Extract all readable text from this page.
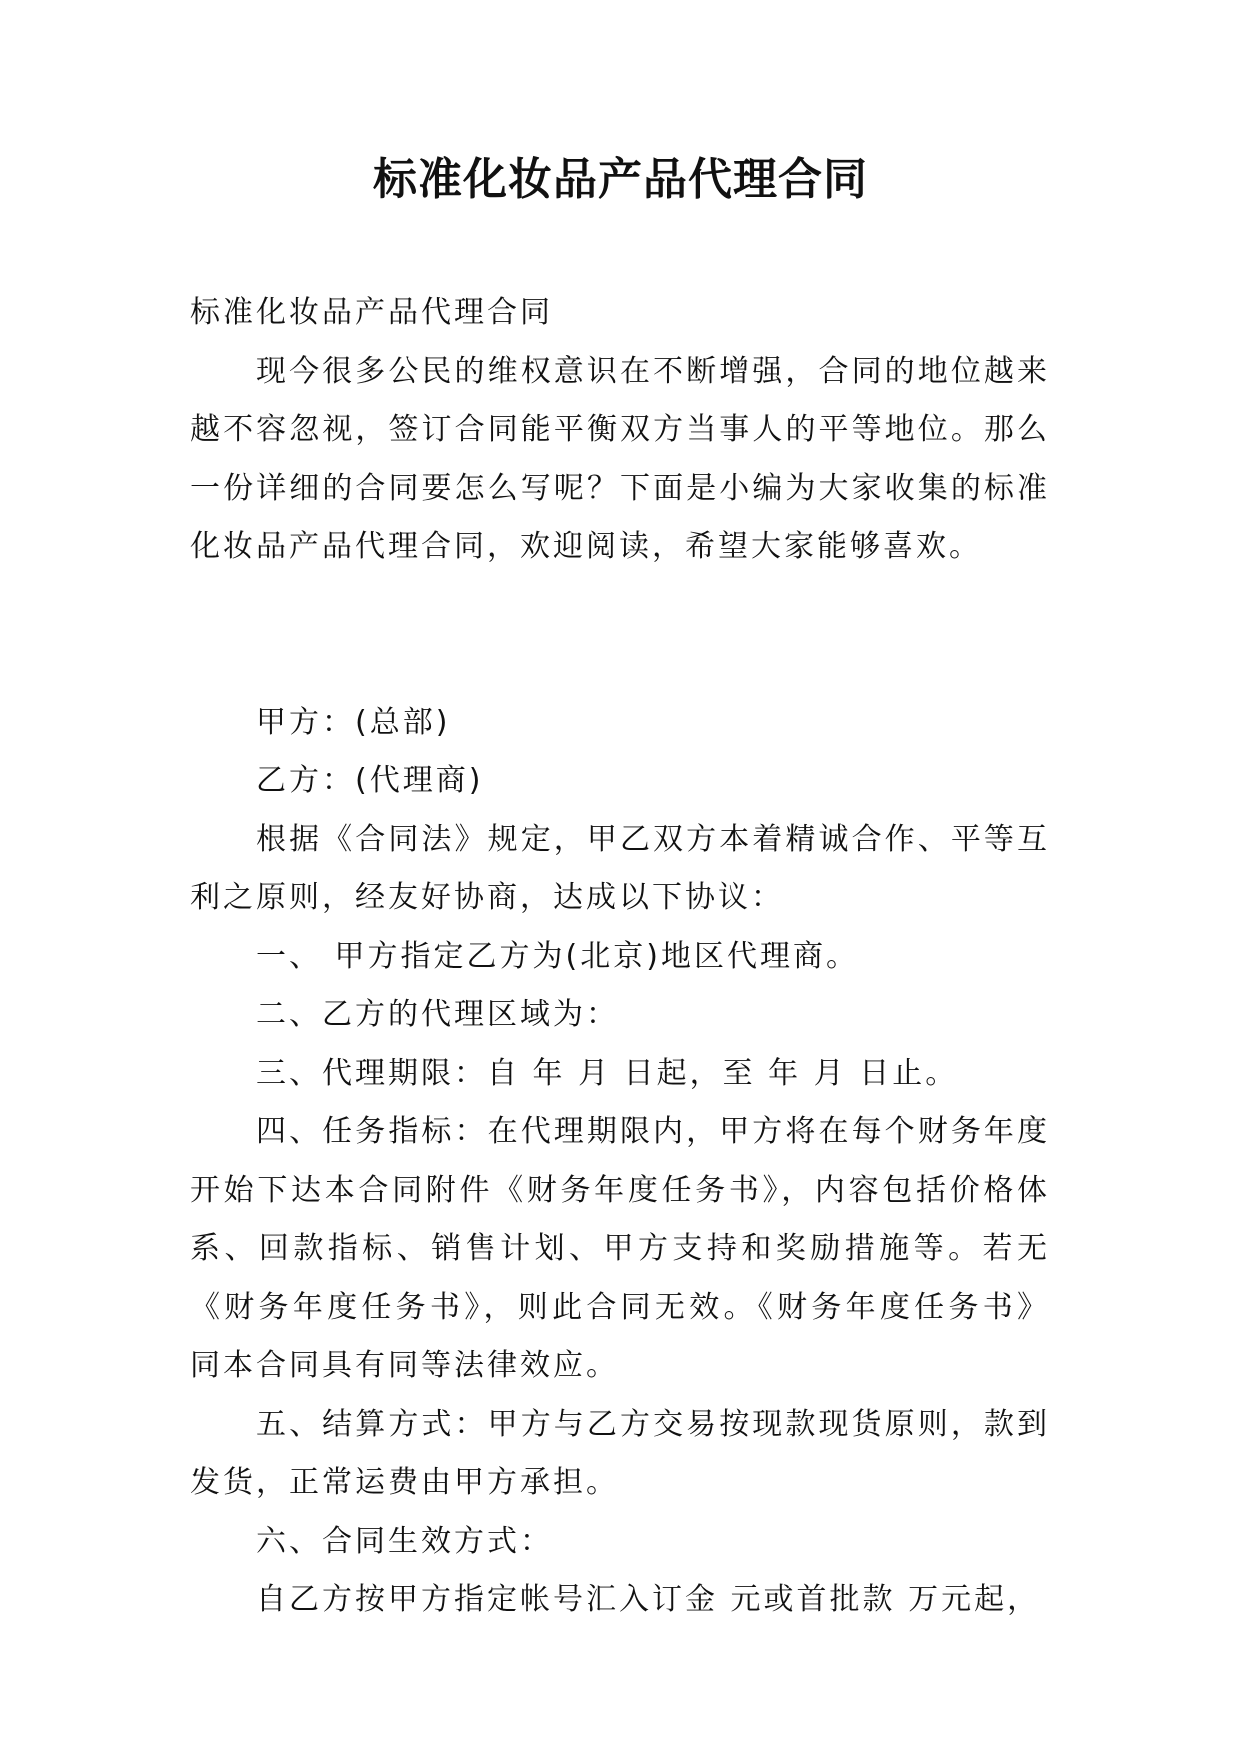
标准化妆品产品代理合同

标准化妆品产品代理合同

现今很多公民的维权意识在不断增强，合同的地位越来越不容忽视，签订合同能平衡双方当事人的平等地位。那么一份详细的合同要怎么写呢？下面是小编为大家收集的标准化妆品产品代理合同，欢迎阅读，希望大家能够喜欢。

甲方：(总部)

乙方：(代理商)

根据《合同法》规定，甲乙双方本着精诚合作、平等互利之原则，经友好协商，达成以下协议：

一、 甲方指定乙方为(北京)地区代理商。

二、乙方的代理区域为：

三、代理期限：自 年 月 日起，至 年 月 日止。

四、任务指标：在代理期限内，甲方将在每个财务年度开始下达本合同附件《财务年度任务书》，内容包括价格体系、回款指标、销售计划、甲方支持和奖励措施等。若无《财务年度任务书》，则此合同无效。《财务年度任务书》同本合同具有同等法律效应。

五、结算方式：甲方与乙方交易按现款现货原则，款到发货，正常运费由甲方承担。

六、合同生效方式：

自乙方按甲方指定帐号汇入订金 元或首批款 万元起，
